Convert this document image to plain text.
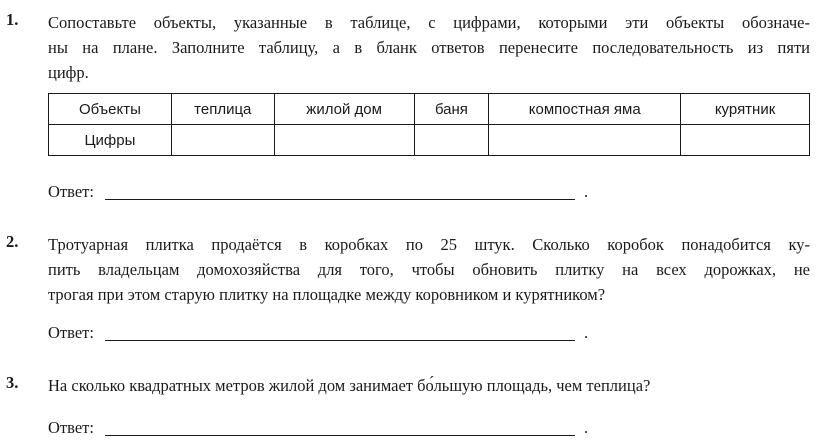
1. Сопоставьте объекты, указанные в таблице, с цифрами, которыми эти объекты обозначе-
ны на плане. Заполните таблицу, а в бланк ответов перенесите последовательность из пяти
цифр.
Объекты	теплица	жилой дом	баня	компостная яма	курятник
Цифры					
Ответ:	.
2. Тротуарная плитка продаётся в коробках по 25 штук. Сколько коробок понадобится ку-
пить владельцам домохозяйства для того, чтобы обновить плитку на всех дорожках, не
трогая при этом старую плитку на площадке между коровником и курятником?
Ответ:	.
3. На сколько квадратных метров жилой дом занимает бо́льшую площадь, чем теплица?
Ответ:	.
